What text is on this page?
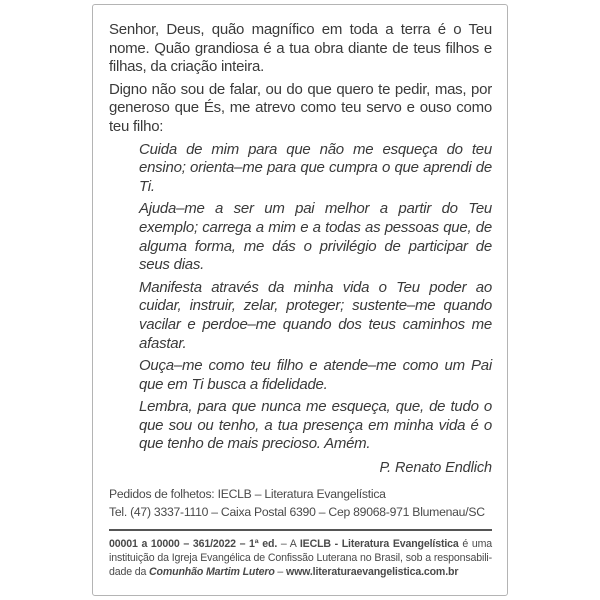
Senhor, Deus, quão magnífico em toda a terra é o Teu nome. Quão grandiosa é a tua obra diante de teus filhos e filhas, da criação inteira.

Digno não sou de falar, ou do que quero te pedir, mas, por generoso que És, me atrevo como teu servo e ouso como teu filho:

Cuida de mim para que não me esqueça do teu ensino; orienta–me para que cumpra o que aprendi de Ti.

Ajuda–me a ser um pai melhor a partir do Teu exemplo; carrega a mim e a todas as pessoas que, de alguma forma, me dás o privilégio de participar de seus dias.

Manifesta através da minha vida o Teu poder ao cuidar, instruir, zelar, proteger; sustente–me quando vacilar e perdoe–me quando dos teus caminhos me afastar.

Ouça–me como teu filho e atende–me como um Pai que em Ti busca a fidelidade.

Lembra, para que nunca me esqueça, que, de tudo o que sou ou tenho, a tua presença em minha vida é o que tenho de mais precioso. Amém.

P. Renato Endlich

Pedidos de folhetos: IECLB – Literatura Evangelística
Tel. (47) 3337-1110 – Caixa Postal 6390 – Cep 89068-971 Blumenau/SC
00001 a 10000 – 361/2022 – 1ª ed. – A IECLB - Literatura Evangelística é uma
instituição da Igreja Evangélica de Confissão Luterana no Brasil, sob a responsabili-
dade da Comunhão Martim Lutero – www.literaturaevangelistica.com.br
